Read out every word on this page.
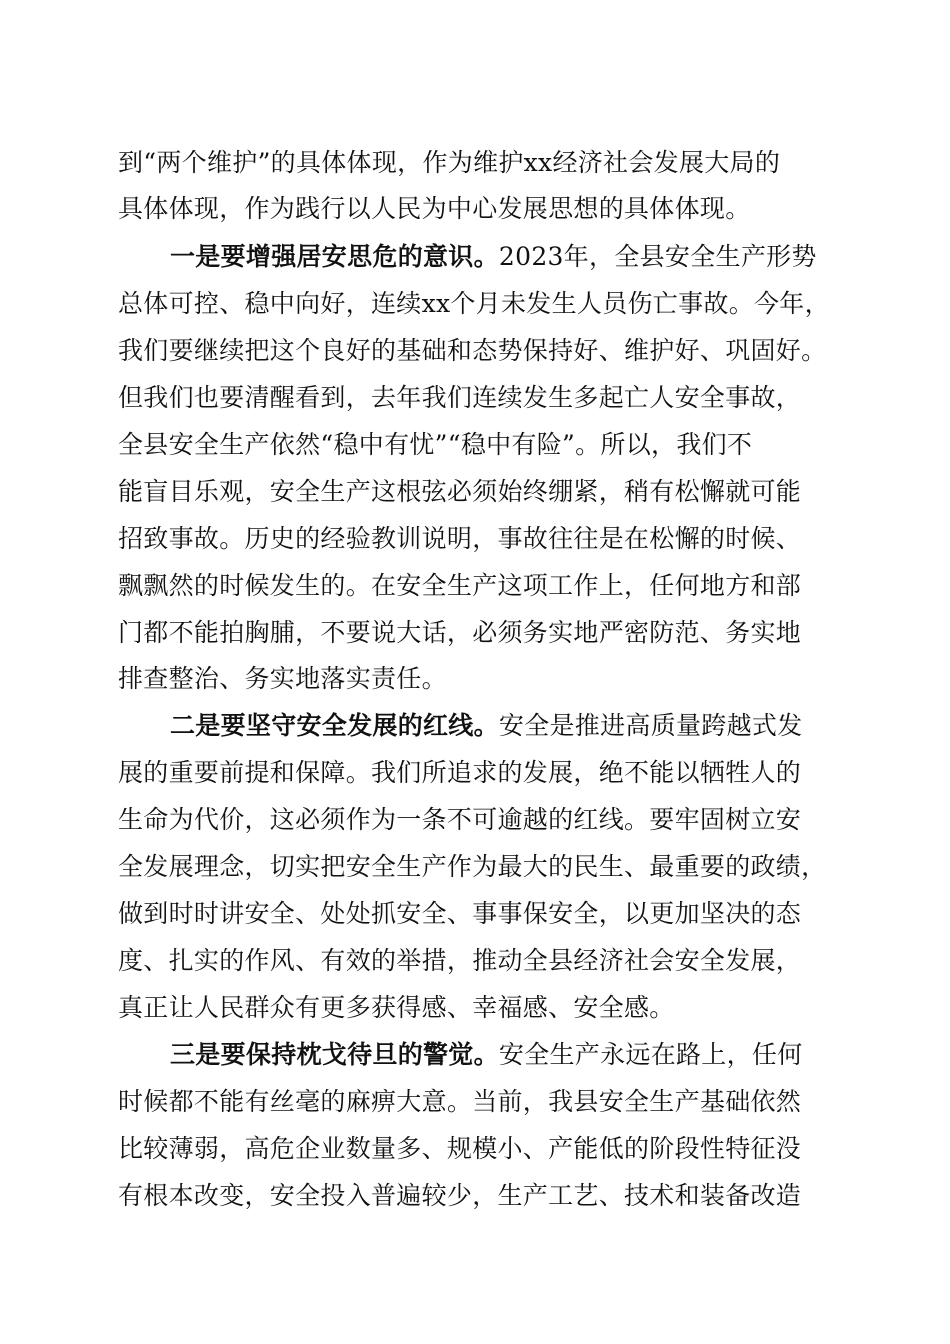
到“两个维护”的具体体现，作为维护xx经济社会发展大局的
具体体现，作为践行以人民为中心发展思想的具体体现。
一是要增强居安思危的意识。2023年，全县安全生产形势
总体可控、稳中向好，连续xx个月未发生人员伤亡事故。今年，
我们要继续把这个良好的基础和态势保持好、维护好、巩固好。
但我们也要清醒看到，去年我们连续发生多起亡人安全事故，
全县安全生产依然“稳中有忧”“稳中有险”。所以，我们不
能盲目乐观，安全生产这根弦必须始终绷紧，稍有松懈就可能
招致事故。历史的经验教训说明，事故往往是在松懈的时候、
飘飘然的时候发生的。在安全生产这项工作上，任何地方和部
门都不能拍胸脯，不要说大话，必须务实地严密防范、务实地
排查整治、务实地落实责任。
二是要坚守安全发展的红线。安全是推进高质量跨越式发
展的重要前提和保障。我们所追求的发展，绝不能以牺牲人的
生命为代价，这必须作为一条不可逾越的红线。要牢固树立安
全发展理念，切实把安全生产作为最大的民生、最重要的政绩，
做到时时讲安全、处处抓安全、事事保安全，以更加坚决的态
度、扎实的作风、有效的举措，推动全县经济社会安全发展，
真正让人民群众有更多获得感、幸福感、安全感。
三是要保持枕戈待旦的警觉。安全生产永远在路上，任何
时候都不能有丝毫的麻痹大意。当前，我县安全生产基础依然
比较薄弱，高危企业数量多、规模小、产能低的阶段性特征没
有根本改变，安全投入普遍较少，生产工艺、技术和装备改造
